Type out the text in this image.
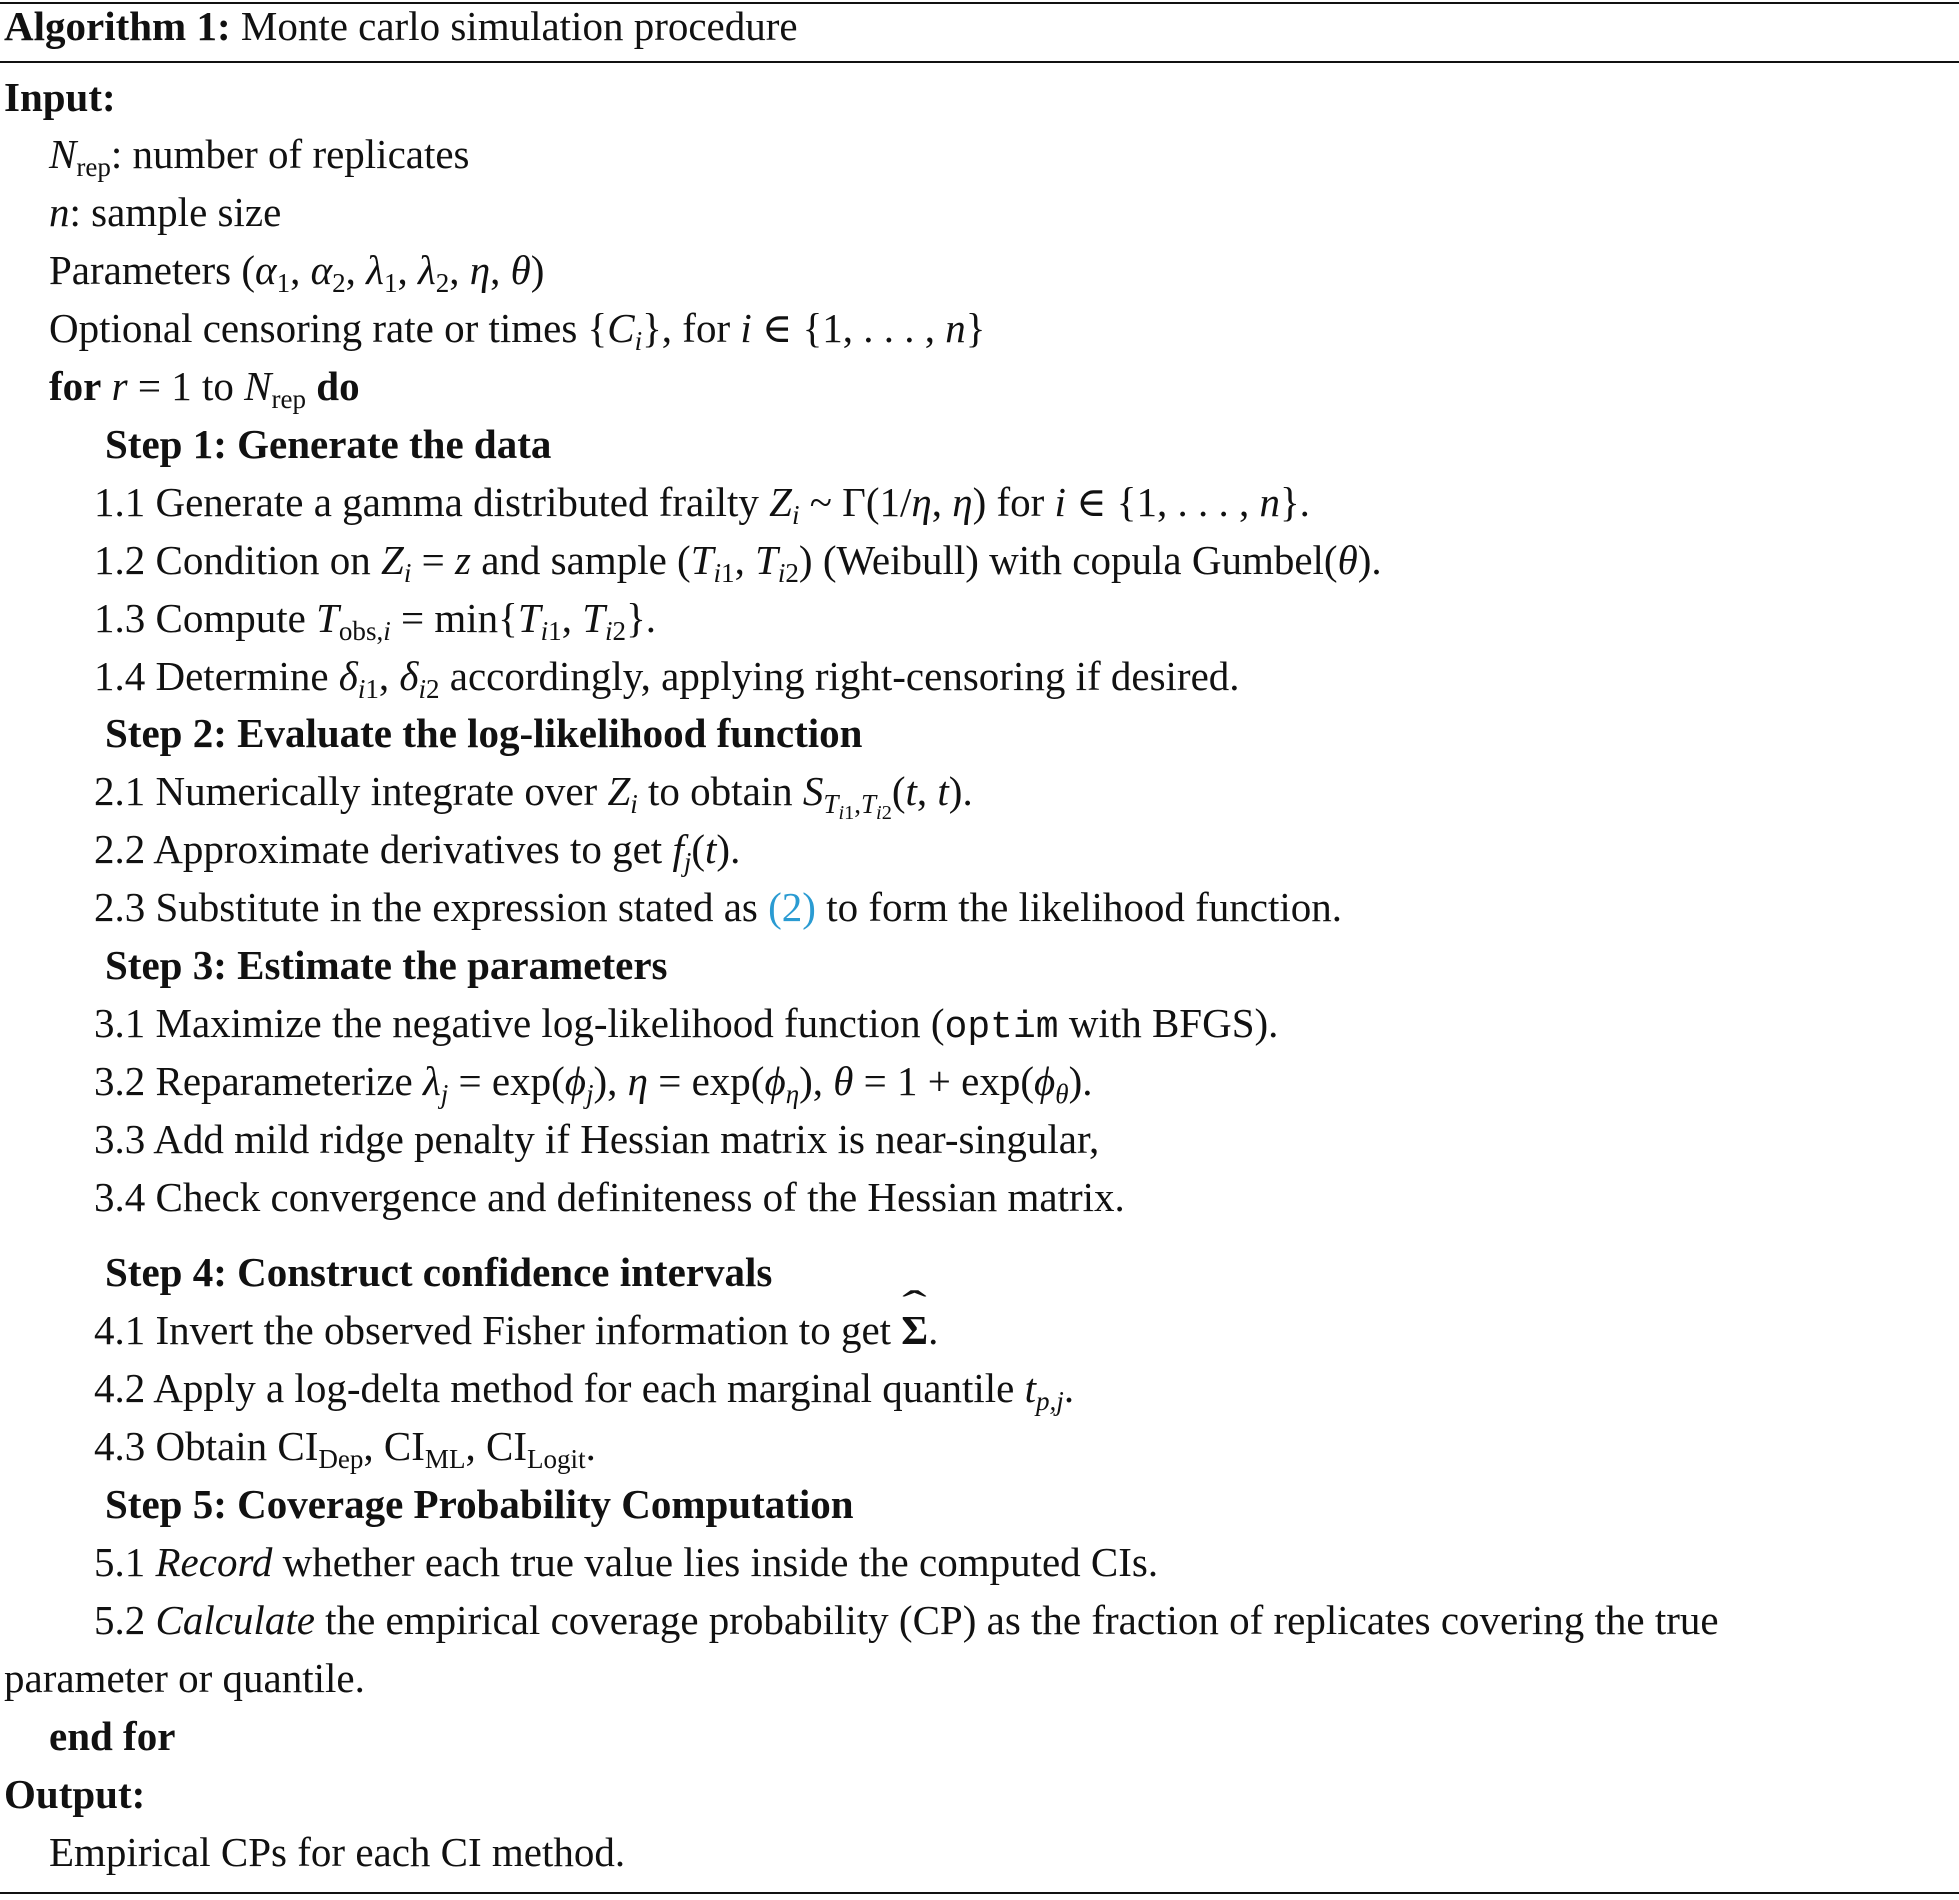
Algorithm 1: Monte carlo simulation procedure
Input:
$N_{rep}$: number of replicates
n: sample size
Parameters ($\alpha_1$, $\alpha_2$, $\lambda_1$, $\lambda_2$, η, θ)
Optional censoring rate or times $\{C_i\}$, for i ∈ {1, . . . , n}
for r = 1 to $N_{rep}$ do
Step 1: Generate the data
1.1 Generate a gamma distributed frailty $Z_i$ ~ Γ(1/η, η) for i ∈ {1, . . . , n}.
1.2 Condition on $Z_i = z$ and sample ($T_{i1}$, $T_{i2}$) (Weibull) with copula Gumbel(θ).
1.3 Compute $T_{obs,i} = \min\{T_{i1}$, $T_{i2}$}.
1.4 Determine $\delta_{i1}$, $\delta_{i2}$ accordingly, applying right-censoring if desired.
Step 2: Evaluate the log-likelihood function
2.1 Numerically integrate over $Z_i$ to obtain $S_{T_{i1},T_{i2}}(t$, t).
2.2 Approximate derivatives to get $f_j(t)$.
2.3 Substitute in the expression stated as (2) to form the likelihood function.
Step 3: Estimate the parameters
3.1 Maximize the negative log-likelihood function (optim with BFGS).
3.2 Reparameterize $\lambda_j = \exp(\phi_j)$, $\eta = \exp(\phi_\eta)$, $\theta = 1 + \exp(\phi_\theta)$.
3.3 Add mild ridge penalty if Hessian matrix is near-singular,
3.4 Check convergence and definiteness of the Hessian matrix.
Step 4: Construct confidence intervals
4.1 Invert the observed Fisher information to get ˆ Σ.
4.2 Apply a log-delta method for each marginal quantile $t_{p,j}$.
4.3 Obtain $CI_{Dep}$, $CI_{ML}$, $CI_{Logit}$.
Step 5: Coverage Probability Computation
5.1 Record whether each true value lies inside the computed CIs.
5.2 Calculate the empirical coverage probability (CP) as the fraction of replicates covering the true
parameter or quantile.
end for
Output:
Empirical CPs for each CI method.
